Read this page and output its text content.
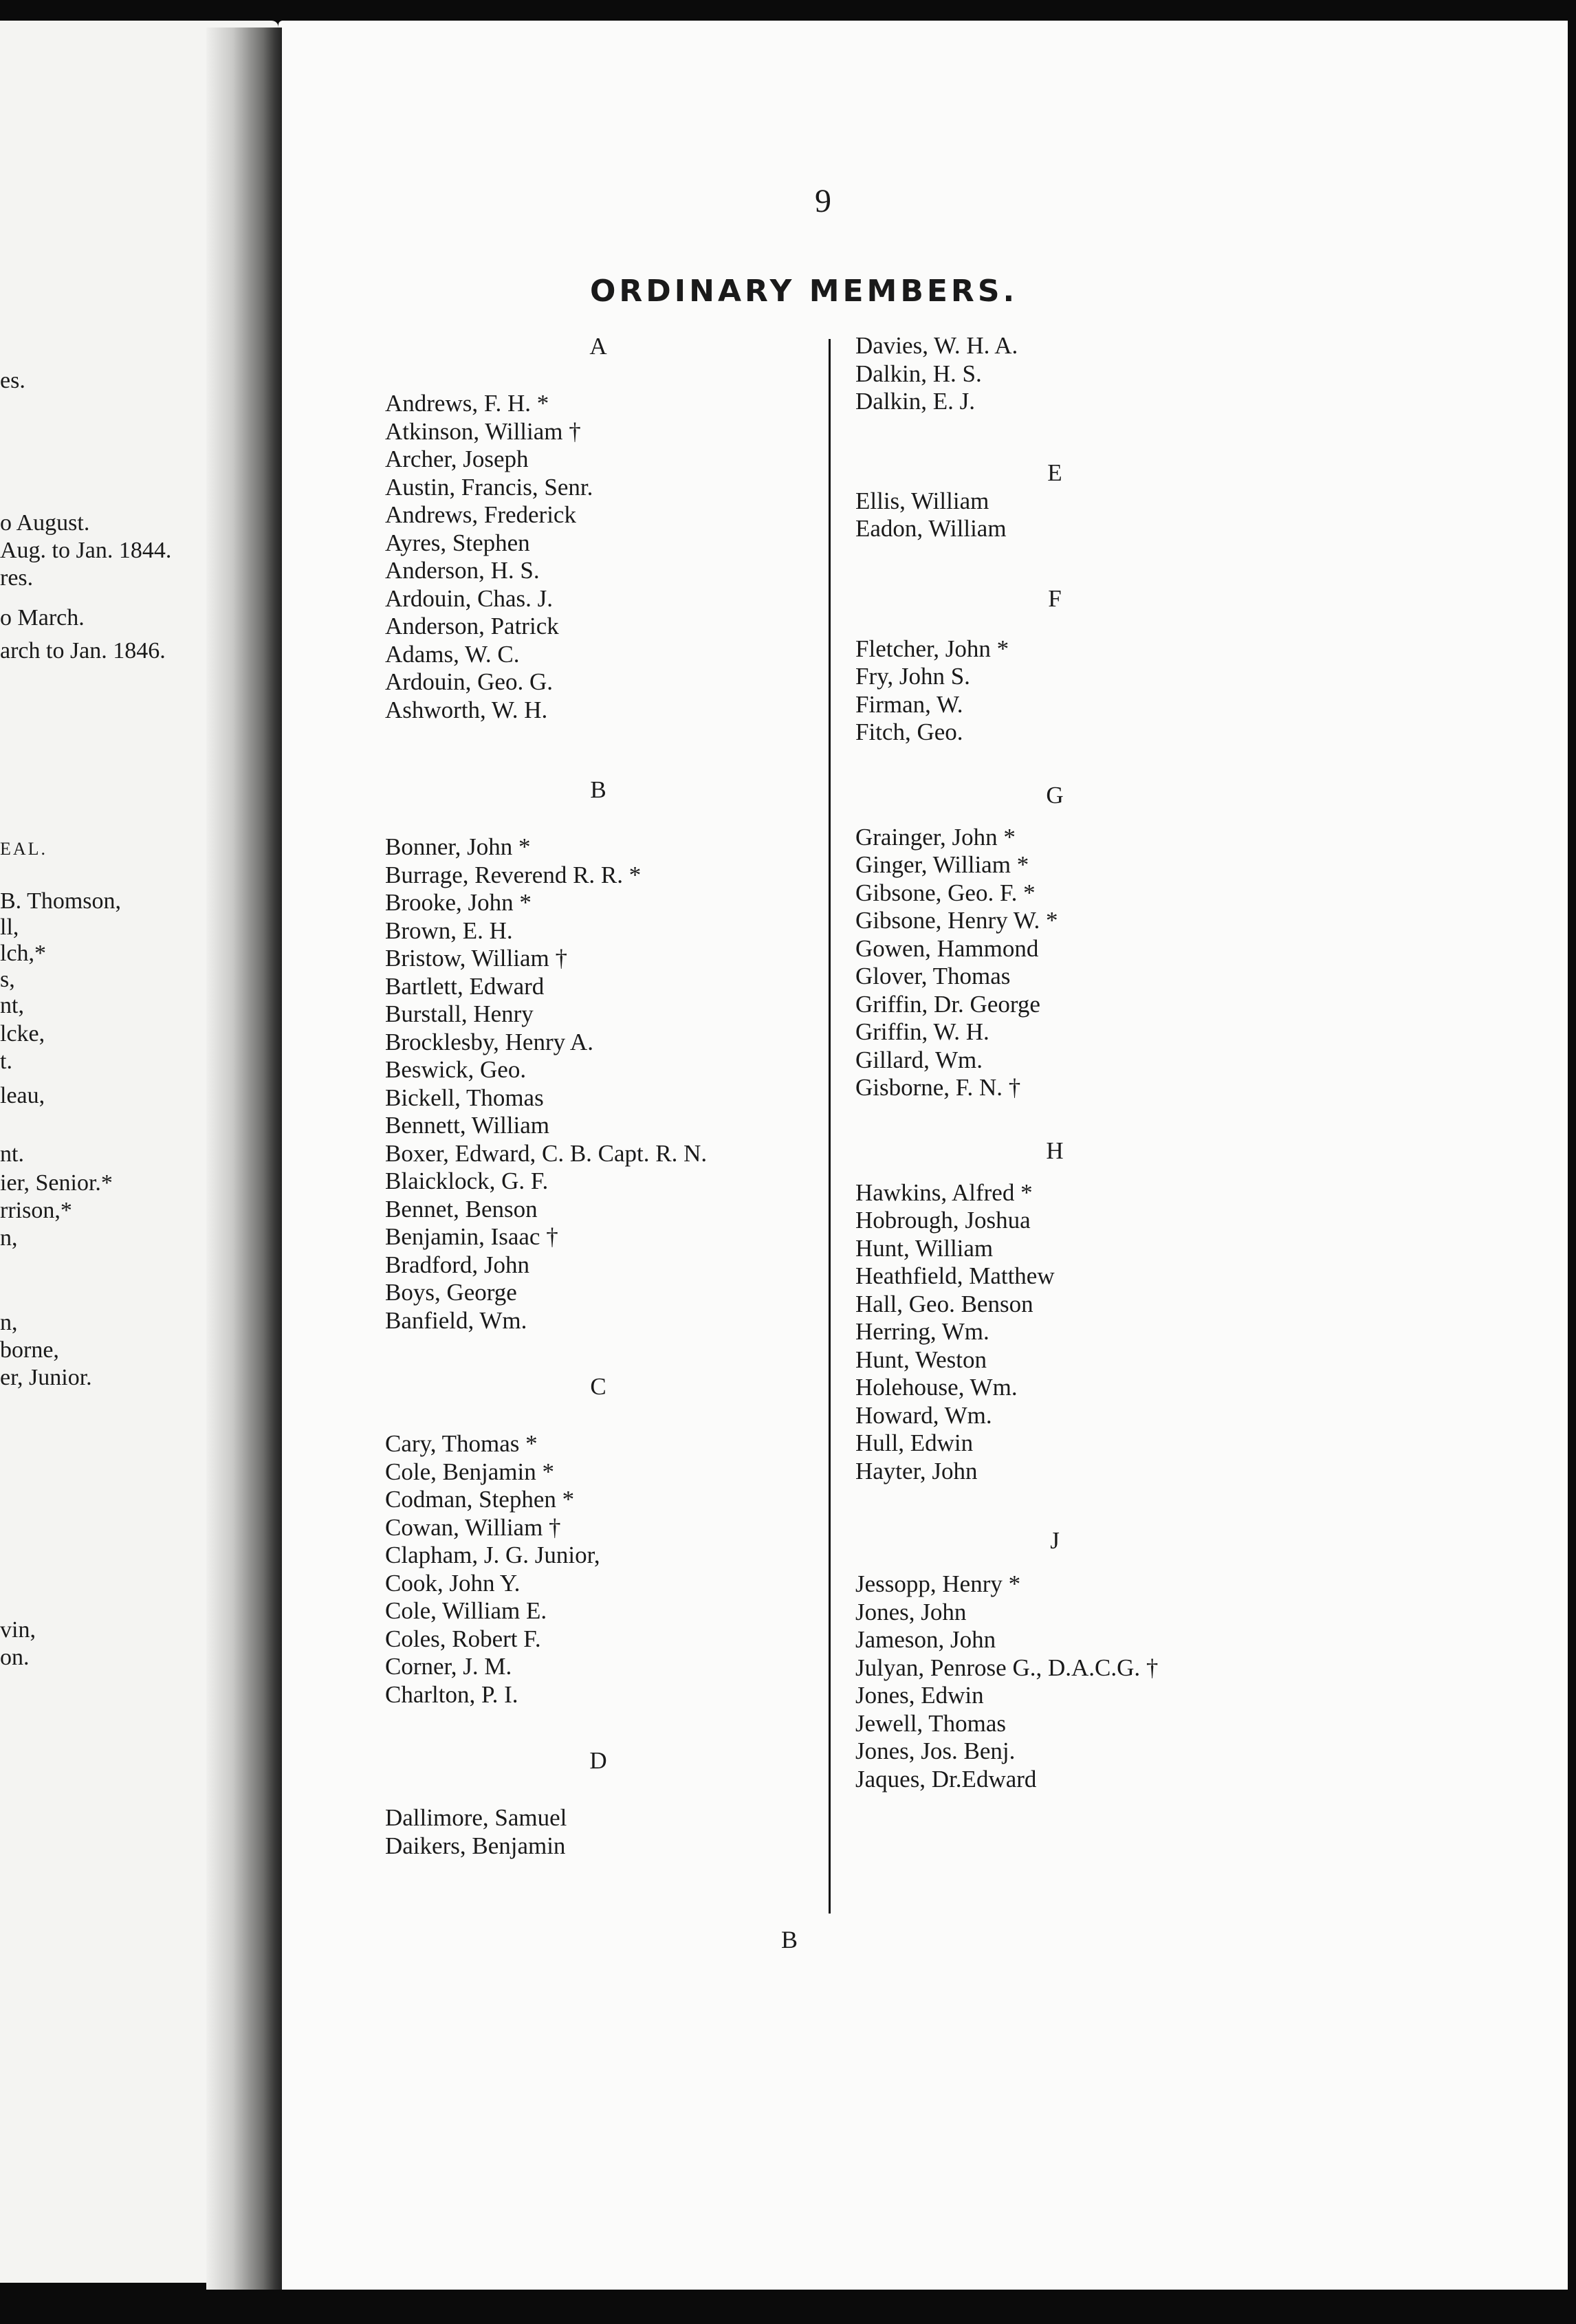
es.
o August.
Aug. to Jan. 1844.
res.
o March.
arch to Jan. 1846.
EAL.
B. Thomson,
ll,
lch,*
s,
nt,
lcke,
t.
leau,
nt.
ier, Senior.*
rrison,*
n,
n,
borne,
er, Junior.
vin,
on.
9
ORDINARY MEMBERS.
A
Andrews, F. H. *
Atkinson, William †
Archer, Joseph
Austin, Francis, Senr.
Andrews, Frederick
Ayres, Stephen
Anderson, H. S.
Ardouin, Chas. J.
Anderson, Patrick
Adams, W. C.
Ardouin, Geo. G.
Ashworth, W. H.
B
Bonner, John *
Burrage, Reverend R. R. *
Brooke, John *
Brown, E. H.
Bristow, William †
Bartlett, Edward
Burstall, Henry
Brocklesby, Henry A.
Beswick, Geo.
Bickell, Thomas
Bennett, William
Boxer, Edward, C. B. Capt. R. N.
Blaicklock, G. F.
Bennet, Benson
Benjamin, Isaac †
Bradford, John
Boys, George
Banfield, Wm.
C
Cary, Thomas *
Cole, Benjamin *
Codman, Stephen *
Cowan, William †
Clapham, J. G. Junior,
Cook, John Y.
Cole, William E.
Coles, Robert F.
Corner, J. M.
Charlton, P. I.
D
Dallimore, Samuel
Daikers, Benjamin
Davies, W. H. A.
Dalkin, H. S.
Dalkin, E. J.
E
Ellis, William
Eadon, William
F
Fletcher, John *
Fry, John S.
Firman, W.
Fitch, Geo.
G
Grainger, John *
Ginger, William *
Gibsone, Geo. F. *
Gibsone, Henry W. *
Gowen, Hammond
Glover, Thomas
Griffin, Dr. George
Griffin, W. H.
Gillard, Wm.
Gisborne, F. N. †
H
Hawkins, Alfred *
Hobrough, Joshua
Hunt, William
Heathfield, Matthew
Hall, Geo. Benson
Herring, Wm.
Hunt, Weston
Holehouse, Wm.
Howard, Wm.
Hull, Edwin
Hayter, John
J
Jessopp, Henry *
Jones, John
Jameson, John
Julyan, Penrose G., D.A.C.G. †
Jones, Edwin
Jewell, Thomas
Jones, Jos. Benj.
Jaques, Dr.Edward
B
